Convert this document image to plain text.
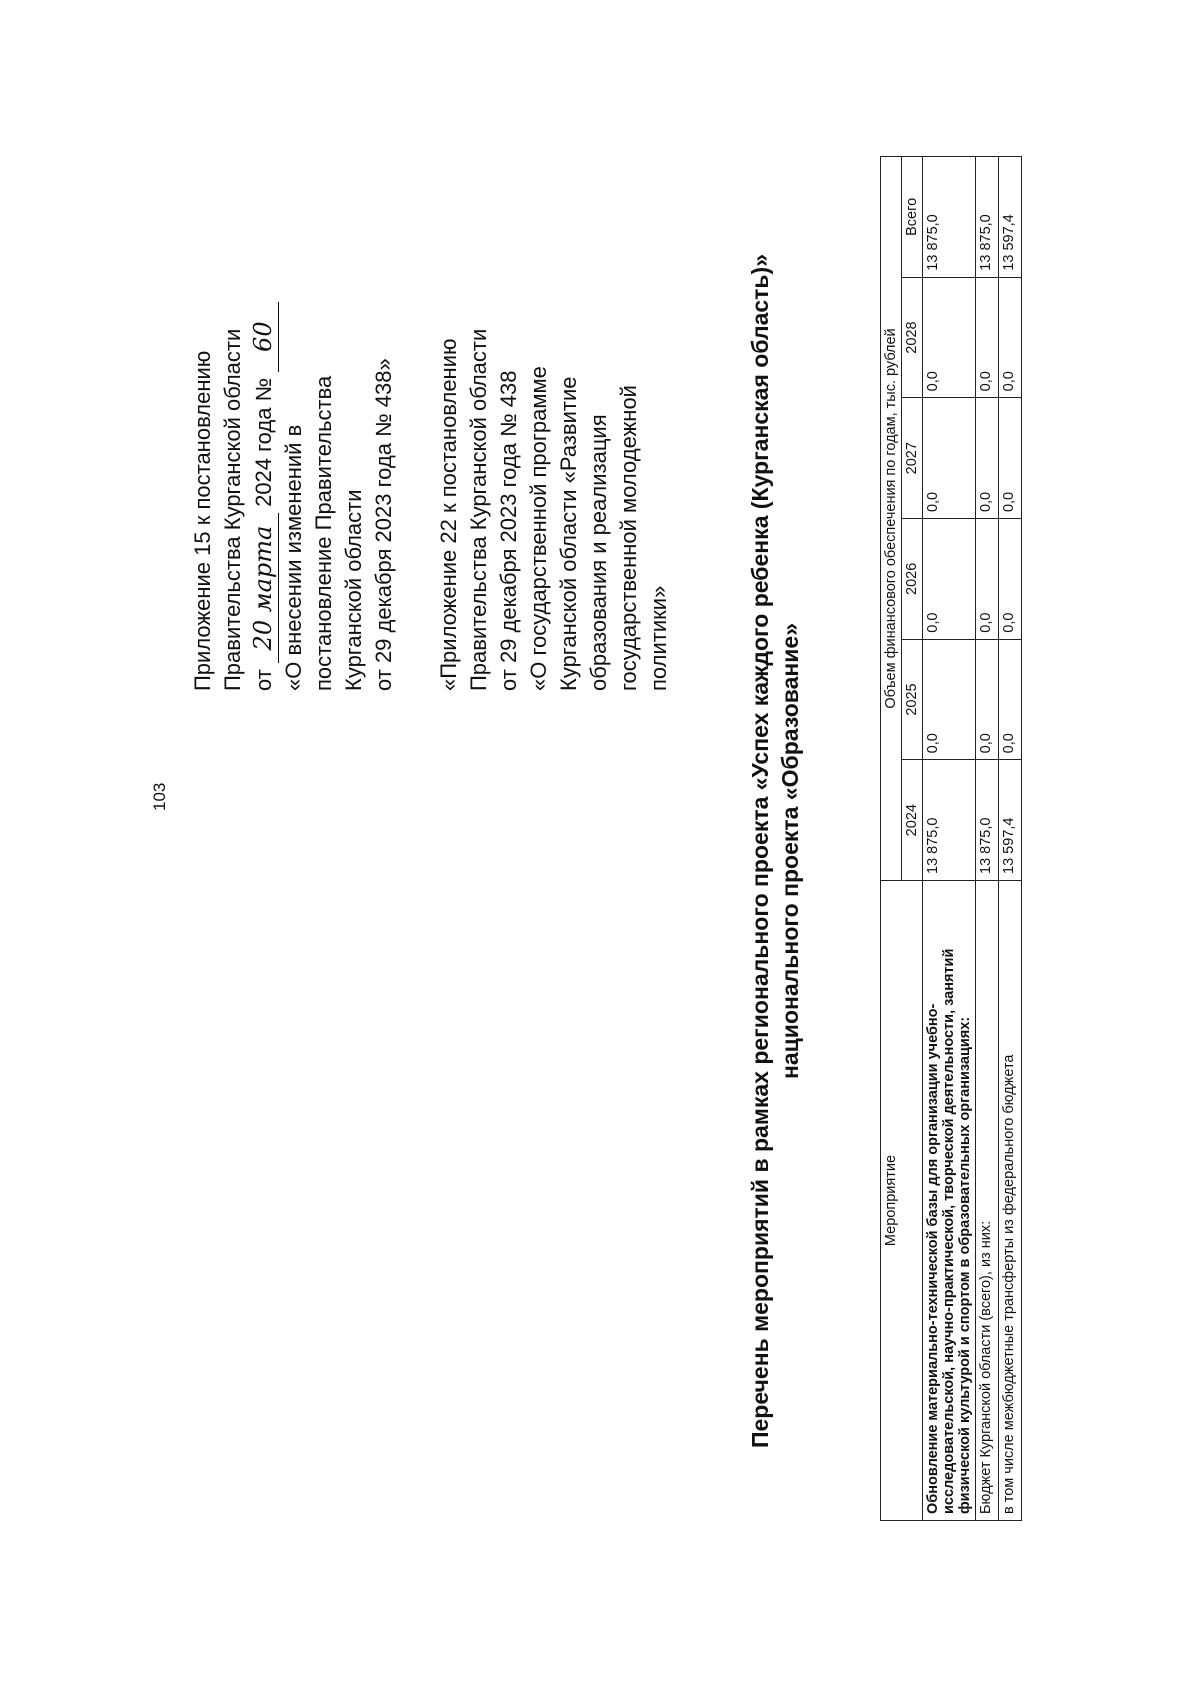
103
Приложение 15 к постановлению Правительства Курганской области от 20 марта 2024 года № 60
«О внесении изменений в постановление Правительства Курганской области от 29 декабря 2023 года № 438» «Приложение 22 к постановлению Правительства Курганской области от 29 декабря 2023 года № 438 «О государственной программе Курганской области «Развитие образования и реализация государственной молодежной политики»	Перечень мероприятий в рамках регионального проекта «Успех каждого ребенка (Курганская область)» национального проекта «Образование»
Мероприятие	Объем финансового обеспечения по годам, тыс. рублей					
	2024	2025	2026	2027	2028	Всего
Обновление материально-технической базы для организации учебно-исследовательской, научно-практической, творческой деятельности, занятий физической культурой и спортом в образовательных организациях:	13 875,0	0,0	0,0	0,0	0,0	13 875,0
Бюджет Курганской области (всего), из них:	13 875,0	0,0	0,0	0,0	0,0	13 875,0
в том числе межбюджетные трансферты из федерального бюджета	13 597,4	0,0	0,0	0,0	0,0	13 597,4
